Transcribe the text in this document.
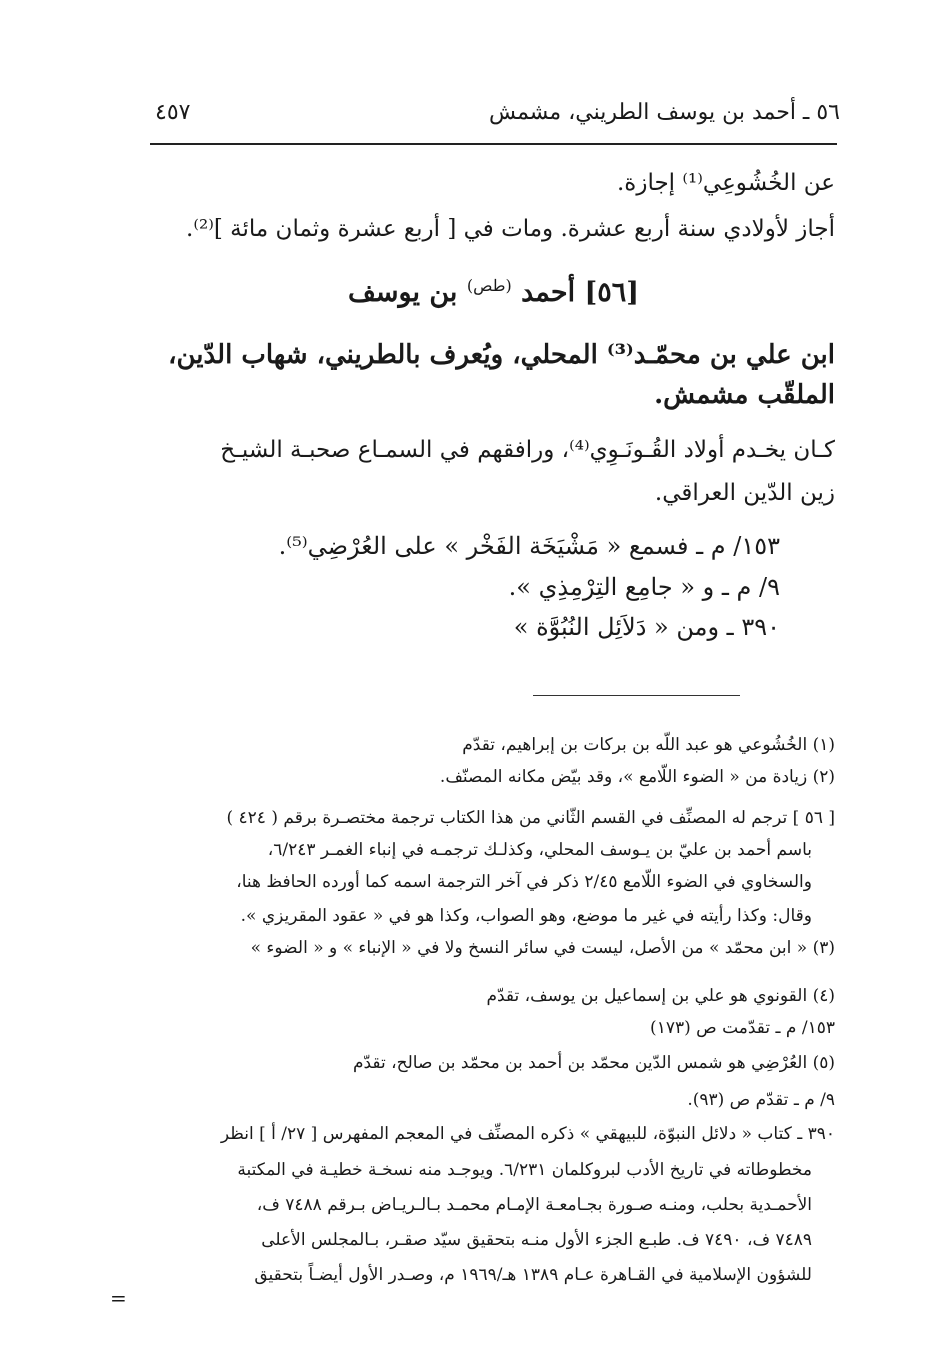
٥٦ ـ أحمد بن يوسف الطريني، مشمش
٤٥٧
عن الخُشُوعِي⁽¹⁾ إجازة.
أجاز لأولادي سنة أربع عشرة. ومات في [ أربع عشرة وثمان مائة ]⁽²⁾.
[٥٦] أحمد $^{(طص)}$ بن يوسف
ابن علي بن محمّـد⁽³⁾ المحلي، ويُعرف بالطريني، شهاب الدّين،
الملقّب مشمش.
كـان يخـدم أولاد القُـونَـوِي⁽⁴⁾، ورافقهم في السمـاع صحبـة الشيـخ
زين الدّين العراقي.
١٥٣/ م ـ فسمع « مَشْيَخَة الفَخْر » على العُرْضِي⁽⁵⁾.
٩/ م ـ و « جامِع التِرْمِذِي ».
٣٩٠ ـ ومن « دَلاَئِل النُبُوَّة »
(١) الخُشُوعي هو عبد اللّه بن بركات بن إبراهيم، تقدّم
(٢) زيادة من « الضوء اللّامع »، وقد بيّض مكانه المصنّف.
[ ٥٦ ] ترجم له المصنِّف في القسم الثّاني من هذا الكتاب ترجمة مختصـرة برقم ( ٤٢٤ )
باسم أحمد بن عليّ بن يـوسف المحلي، وكذلـك ترجمـه في إنباء الغمـر ٦/٢٤٣،
والسخاوي في الضوء اللّامع ٢/٤٥ ذكر في آخر الترجمة اسمه كما أورده الحافظ هنا،
وقال: وكذا رأيته في غير ما موضع، وهو الصواب، وكذا هو في « عقود المقريزي ».
(٣) « ابن محمّد » من الأصل، ليست في سائر النسخ ولا في « الإنباء » و « الضوء »
(٤) القونوي هو علي بن إسماعيل بن يوسف، تقدّم
١٥٣/ م ـ تقدّمت ص (١٧٣)
(٥) العُرْضِي هو شمس الدّين محمّد بن أحمد بن محمّد بن صالح، تقدّم
٩/ م ـ تقدّم ص (٩٣).
٣٩٠ ـ كتاب « دلائل النبوّة، للبيهقي » ذكره المصنِّف في المعجم المفهرس [ ٢٧/ أ ] انظر
مخطوطاته في تاريخ الأدب لبروكلمان ٦/٢٣١. ويوجـد منه نسخـة خطيـة في المكتبة
الأحمـدية بحلب، ومنـه صـورة بجـامعـة الإمـام محمـد بـالـريـاض بـرقم ٧٤٨٨ ف،
٧٤٨٩ ف، ٧٤٩٠ ف. طبـع الجزء الأول منـه بتحقيق سيّد صقـر، بـالمجلس الأعلى
للشؤون الإسلامية في القـاهرة عـام ١٣٨٩ هـ/١٩٦٩ م، وصـدر الأول أيضـاً بتحقيق
=
